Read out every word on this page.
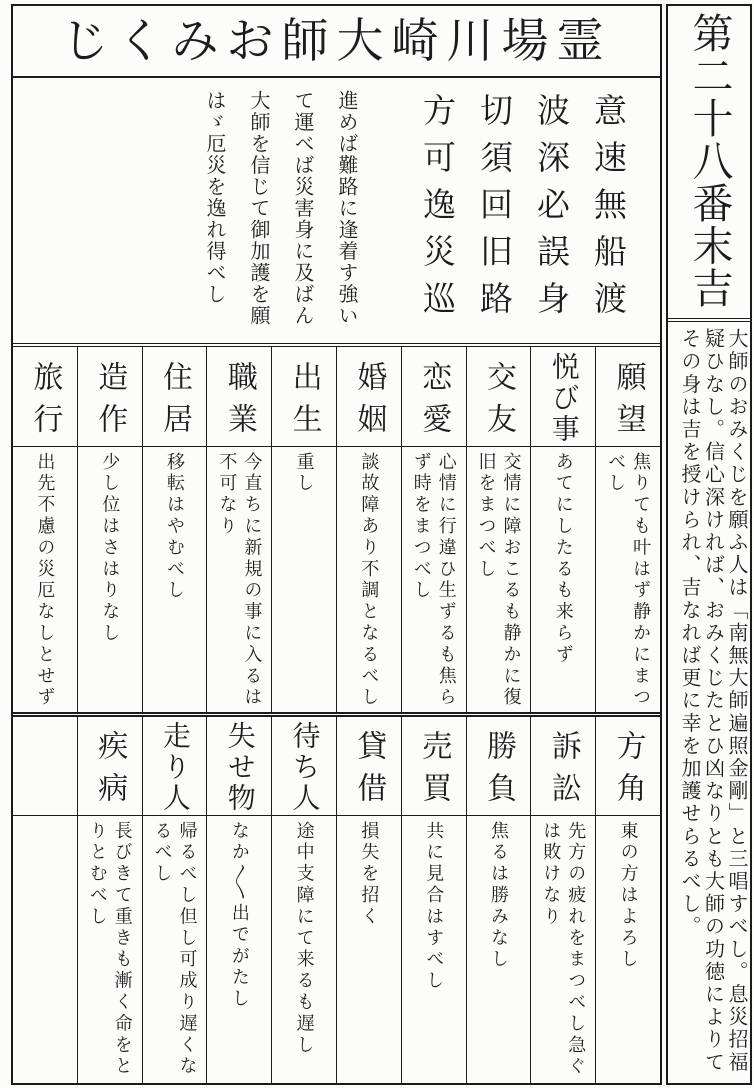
霊場川崎大師おみくじ
意速無船渡
波深必誤身
切須回旧路
方可逸災巡
進めば難路に逢着す強い
て運べば災害身に及ばん
大師を信じて御加護を願
はゞ厄災を逸れ得べし
願望
焦りても叶はず静かにまつ
べし
悦び事
あてにしたるも来らず
交友
交情に障おこるも静かに復
旧をまつべし
恋愛
心情に行違ひ生ずるも焦ら
ず時をまつべし
婚姻
談故障あり不調となるべし
出生
重し
職業
今直ちに新規の事に入るは
不可なり
住居
移転はやむべし
造作
少し位はさはりなし
旅行
出先不慮の災厄なしとせず
方角
東の方はよろし
訴訟
先方の疲れをまつべし急ぐ
は敗けなり
勝負
焦るは勝みなし
売買
共に見合はすべし
貸借
損失を招く
待ち人
途中支障にて来るも遅し
失せ物
なか〱出でがたし
走り人
帰るべし但し可成り遅くな
るべし
疾病
長びきて重きも漸く命をと
りとむべし
第二十八番末吉
大師のおみくじを願ふ人は「南無大師遍照金剛」と三唱すべし。息災招福
疑ひなし。信心深ければ、おみくじたとひ凶なりとも大師の功徳によりて
その身は吉を授けられ、吉なれば更に幸を加護せらるべし。
